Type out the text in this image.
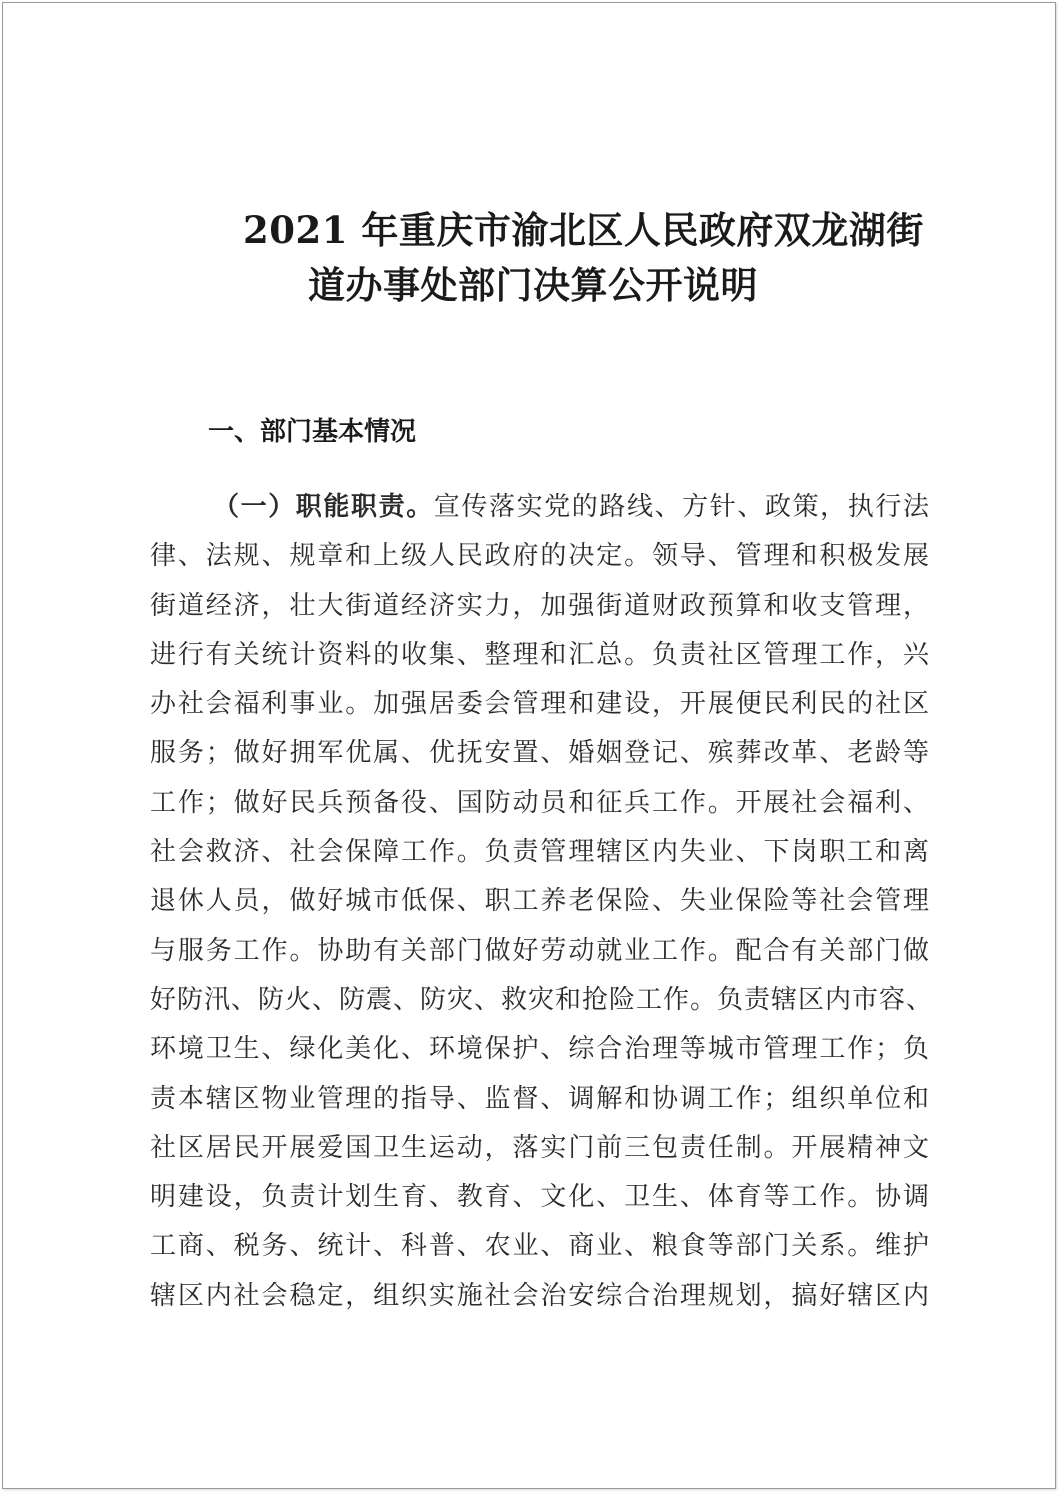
2021 年重庆市渝北区人民政府双龙湖街
道办事处部门决算公开说明
一、部门基本情况
（一）职能职责。宣传落实党的路线、方针、政策，执行法
律、法规、规章和上级人民政府的决定。领导、管理和积极发展
街道经济，壮大街道经济实力，加强街道财政预算和收支管理，
进行有关统计资料的收集、整理和汇总。负责社区管理工作，兴
办社会福利事业。加强居委会管理和建设，开展便民利民的社区
服务；做好拥军优属、优抚安置、婚姻登记、殡葬改革、老龄等
工作；做好民兵预备役、国防动员和征兵工作。开展社会福利、
社会救济、社会保障工作。负责管理辖区内失业、下岗职工和离
退休人员，做好城市低保、职工养老保险、失业保险等社会管理
与服务工作。协助有关部门做好劳动就业工作。配合有关部门做
好防汛、防火、防震、防灾、救灾和抢险工作。负责辖区内市容、
环境卫生、绿化美化、环境保护、综合治理等城市管理工作；负
责本辖区物业管理的指导、监督、调解和协调工作；组织单位和
社区居民开展爱国卫生运动，落实门前三包责任制。开展精神文
明建设，负责计划生育、教育、文化、卫生、体育等工作。协调
工商、税务、统计、科普、农业、商业、粮食等部门关系。维护
辖区内社会稳定，组织实施社会治安综合治理规划，搞好辖区内
